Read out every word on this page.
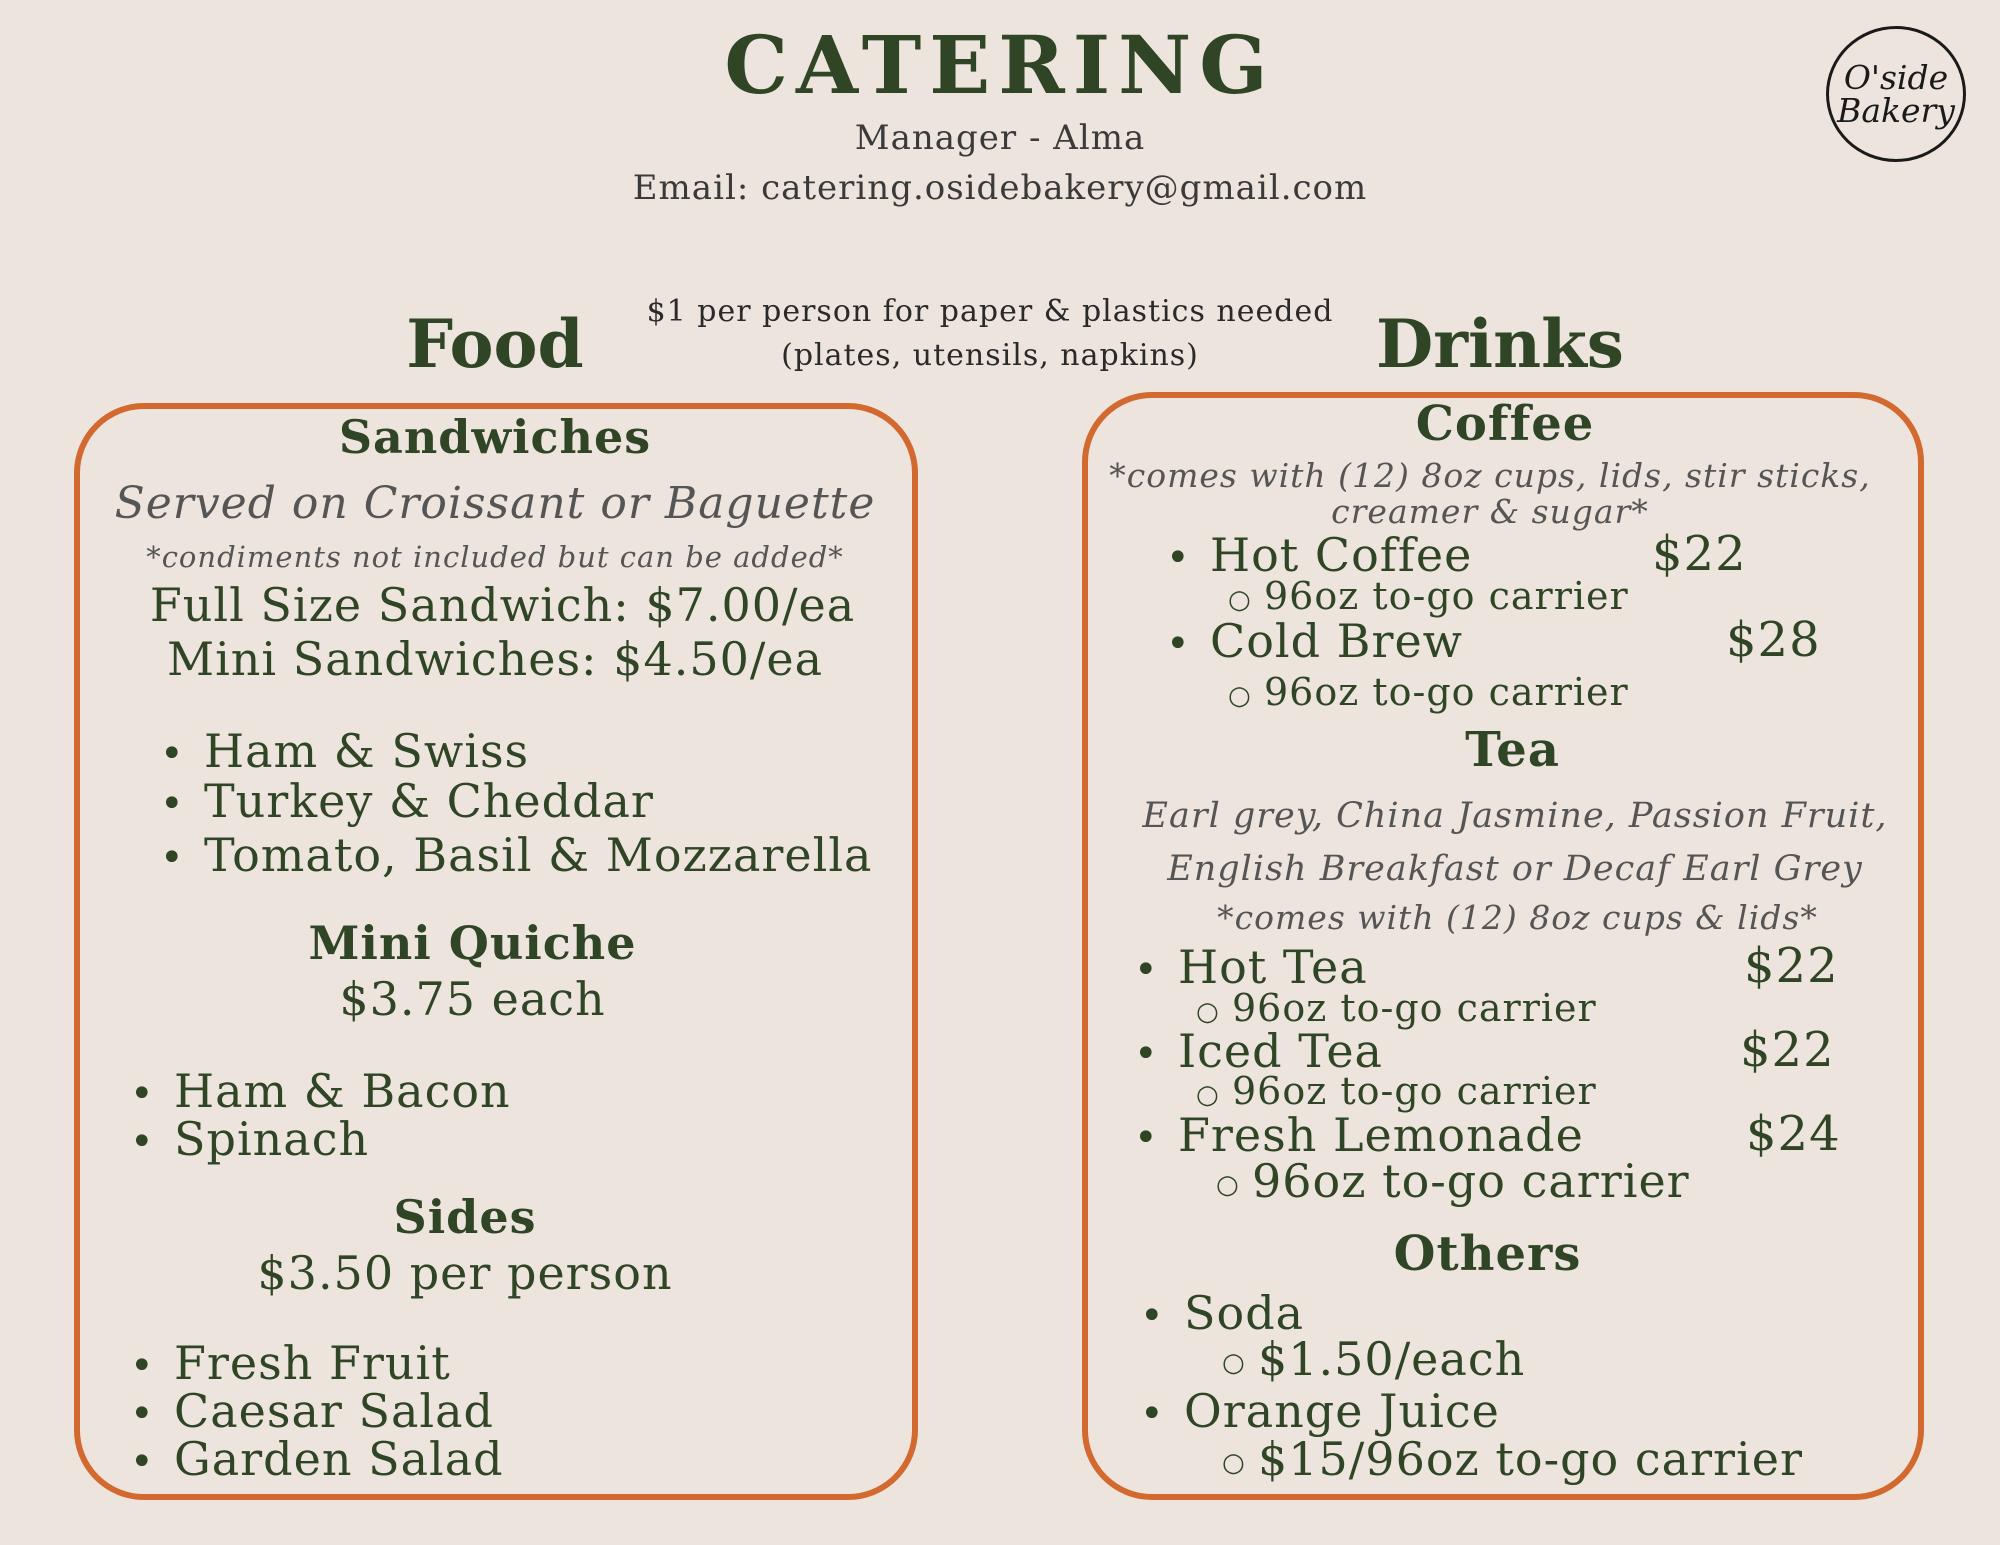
CATERING
Manager - Alma
Email: catering.osidebakery@gmail.com
O'side
Bakery
Food	Drinks
$1 per person for paper & plastics needed
(plates, utensils, napkins)
Sandwiches
Served on Croissant or Baguette
*condiments not included but can be added*
Full Size Sandwich: $7.00/ea
Mini Sandwiches: $4.50/ea
• Ham & Swiss
• Turkey & Cheddar
• Tomato, Basil & Mozzarella
Mini Quiche
$3.75 each
• Ham & Bacon
• Spinach
Sides
$3.50 per person
• Fresh Fruit
• Caesar Salad
• Garden Salad
Coffee
*comes with (12) 8oz cups, lids, stir sticks,
creamer & sugar*
• Hot Coffee	$22
○ 96oz to-go carrier
• Cold Brew	$28
○ 96oz to-go carrier
Tea
Earl grey, China Jasmine, Passion Fruit,
English Breakfast or Decaf Earl Grey
*comes with (12) 8oz cups & lids*
• Hot Tea	$22
○ 96oz to-go carrier
• Iced Tea	$22
○ 96oz to-go carrier
• Fresh Lemonade	$24
○ 96oz to-go carrier
Others
• Soda
○ $1.50/each
• Orange Juice
○ $15/96oz to-go carrier
